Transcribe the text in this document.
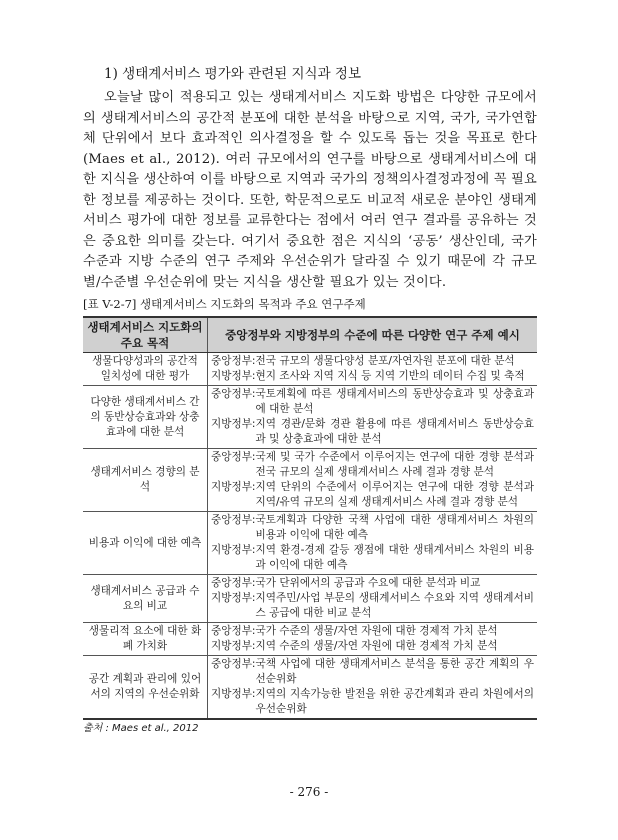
1) 생태계서비스 평가와 관련된 지식과 정보

오늘날 많이 적용되고 있는 생태계서비스 지도화 방법은 다양한 규모에서의 생태계서비스의 공간적 분포에 대한 분석을 바탕으로 지역, 국가, 국가연합체 단위에서 보다 효과적인 의사결정을 할 수 있도록 돕는 것을 목표로 한다 (Maes et al., 2012). 여러 규모에서의 연구를 바탕으로 생태계서비스에 대한 지식을 생산하여 이를 바탕으로 지역과 국가의 정책의사결정과정에 꼭 필요한 정보를 제공하는 것이다. 또한, 학문적으로도 비교적 새로운 분야인 생태계서비스 평가에 대한 정보를 교류한다는 점에서 여러 연구 결과를 공유하는 것은 중요한 의미를 갖는다. 여기서 중요한 점은 지식의 ‘공동’ 생산인데, 국가 수준과 지방 수준의 연구 주제와 우선순위가 달라질 수 있기 때문에 각 규모별/수준별 우선순위에 맞는 지식을 생산할 필요가 있는 것이다.

[표 V-2-7] 생태계서비스 지도화의 목적과 주요 연구주제
생태계서비스 지도화의 주요 목적	중앙정부와 지방정부의 수준에 따른 다양한 연구 주제 예시
생물다양성과의 공간적 일치성에 대한 평가	중앙정부: 전국 규모의 생물다양성 분포/자연자원 분포에 대한 분석
지방정부: 현지 조사와 지역 지식 등 지역 기반의 데이터 수집 및 축적

다양한 생태계서비스 간의 동반상승효과와 상충효과에 대한 분석	중앙정부: 국토계획에 따른 생태계서비스의 동반상승효과 및 상충효과에 대한 분석
지방정부: 지역 경관/문화 경관 활용에 따른 생태계서비스 동반상승효과 및 상충효과에 대한 분석

생태계서비스 경향의 분석	중앙정부: 국제 및 국가 수준에서 이루어지는 연구에 대한 경향 분석과 전국 규모의 실제 생태계서비스 사례 결과 경향 분석
지방정부: 지역 단위의 수준에서 이루어지는 연구에 대한 경향 분석과 지역/유역 규모의 실제 생태계서비스 사례 결과 경향 분석

비용과 이익에 대한 예측	중앙정부: 국토계획과 다양한 국책 사업에 대한 생태계서비스 차원의 비용과 이익에 대한 예측
지방정부: 지역 환경-경제 갈등 쟁점에 대한 생태계서비스 차원의 비용과 이익에 대한 예측

생태계서비스 공급과 수요의 비교	중앙정부: 국가 단위에서의 공급과 수요에 대한 분석과 비교
지방정부: 지역주민/사업 부문의 생태계서비스 수요와 지역 생태계서비스 공급에 대한 비교 분석

생물리적 요소에 대한 화폐 가치화	중앙정부: 국가 수준의 생물/자연 자원에 대한 경제적 가치 분석
지방정부: 지역 수준의 생물/자연 자원에 대한 경제적 가치 분석

공간 계획과 관리에 있어서의 지역의 우선순위화	중앙정부: 국책 사업에 대한 생태계서비스 분석을 통한 공간 계획의 우선순위화
지방정부: 지역의 지속가능한 발전을 위한 공간계획과 관리 차원에서의 우선순위화
출처 : Maes et al., 2012
- 276 -
